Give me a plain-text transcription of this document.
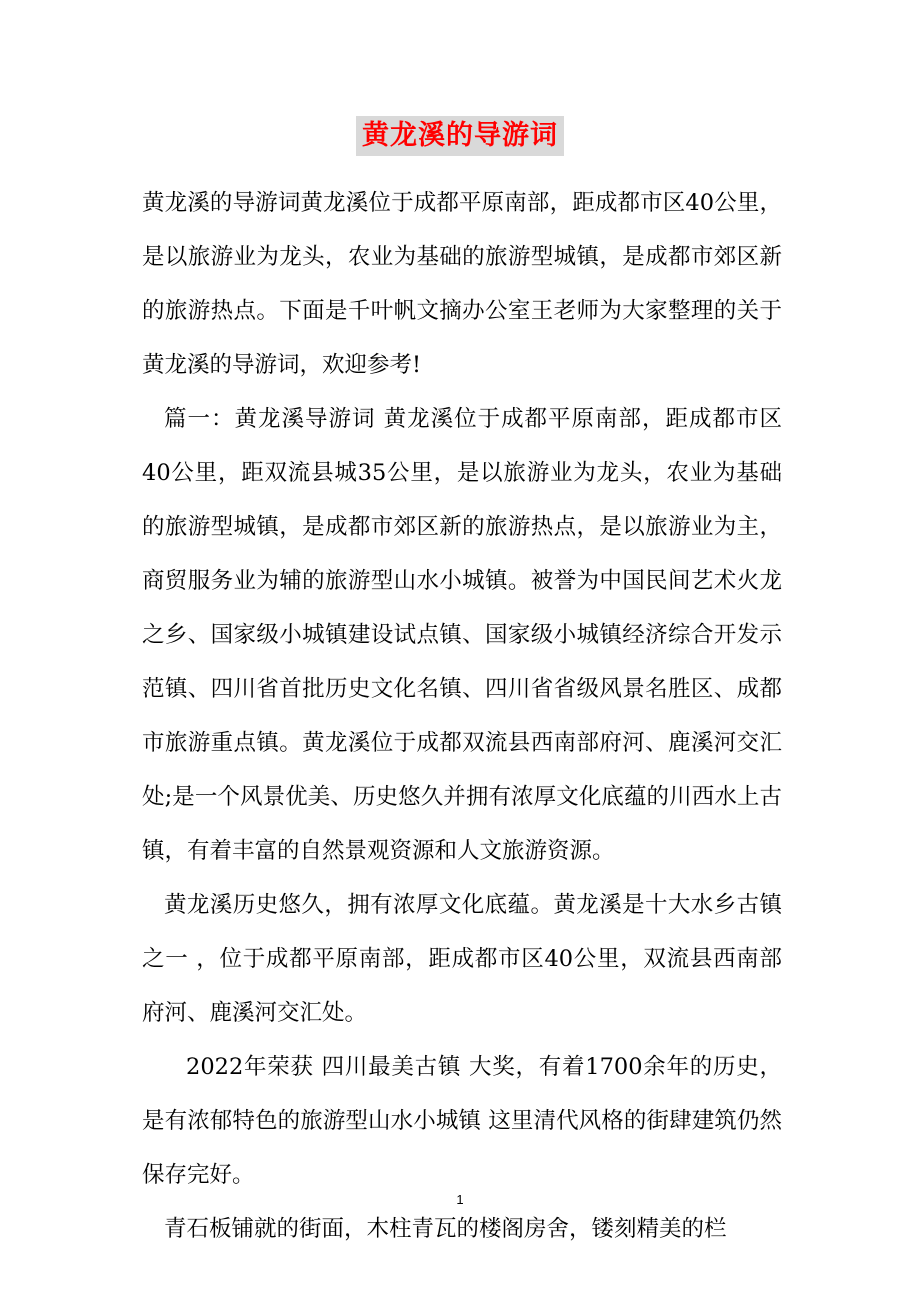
黄龙溪的导游词

黄龙溪的导游词黄龙溪位于成都平原南部，距成都市区40公里，是以旅游业为龙头，农业为基础的旅游型城镇，是成都市郊区新的旅游热点。下面是千叶帆文摘办公室王老师为大家整理的关于黄龙溪的导游词，欢迎参考!

篇一：黄龙溪导游词 黄龙溪位于成都平原南部，距成都市区40公里，距双流县城35公里，是以旅游业为龙头，农业为基础的旅游型城镇，是成都市郊区新的旅游热点，是以旅游业为主，商贸服务业为辅的旅游型山水小城镇。被誉为中国民间艺术火龙之乡、国家级小城镇建设试点镇、国家级小城镇经济综合开发示范镇、四川省首批历史文化名镇、四川省省级风景名胜区、成都市旅游重点镇。黄龙溪位于成都双流县西南部府河、鹿溪河交汇处;是一个风景优美、历史悠久并拥有浓厚文化底蕴的川西水上古镇，有着丰富的自然景观资源和人文旅游资源。

黄龙溪历史悠久，拥有浓厚文化底蕴。黄龙溪是十大水乡古镇之一 ，位于成都平原南部，距成都市区40公里，双流县西南部府河、鹿溪河交汇处。

2022年荣获 四川最美古镇 大奖，有着1700余年的历史，是有浓郁特色的旅游型山水小城镇 这里清代风格的街肆建筑仍然保存完好。

青石板铺就的街面，木柱青瓦的楼阁房舍，镂刻精美的栏

1
